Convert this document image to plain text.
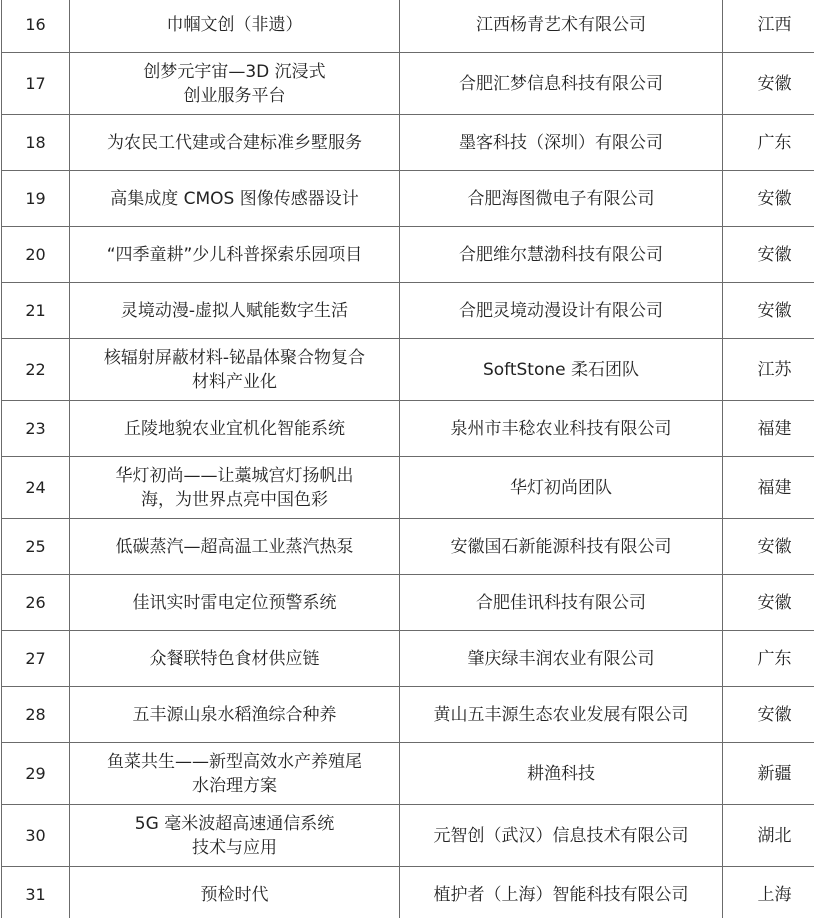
16	巾帼文创（非遗）	江西杨青艺术有限公司	江西
17	创梦元宇宙—3D 沉浸式
创业服务平台	合肥汇梦信息科技有限公司	安徽
18	为农民工代建或合建标准乡墅服务	墨客科技（深圳）有限公司	广东
19	高集成度 CMOS 图像传感器设计	合肥海图微电子有限公司	安徽
20	“四季童耕”少儿科普探索乐园项目	合肥维尔慧渤科技有限公司	安徽
21	灵境动漫-虚拟人赋能数字生活	合肥灵境动漫设计有限公司	安徽
22	核辐射屏蔽材料-铋晶体聚合物复合
材料产业化	SoftStone 柔石团队	江苏
23	丘陵地貌农业宜机化智能系统	泉州市丰稔农业科技有限公司	福建
24	华灯初尚——让藁城宫灯扬帆出
海，为世界点亮中国色彩	华灯初尚团队	福建
25	低碳蒸汽—超高温工业蒸汽热泵	安徽国石新能源科技有限公司	安徽
26	佳讯实时雷电定位预警系统	合肥佳讯科技有限公司	安徽
27	众餐联特色食材供应链	肇庆绿丰润农业有限公司	广东
28	五丰源山泉水稻渔综合种养	黄山五丰源生态农业发展有限公司	安徽
29	鱼菜共生——新型高效水产养殖尾
水治理方案	耕渔科技	新疆
30	5G 毫米波超高速通信系统
技术与应用	元智创（武汉）信息技术有限公司	湖北
31	预检时代	植护者（上海）智能科技有限公司	上海
